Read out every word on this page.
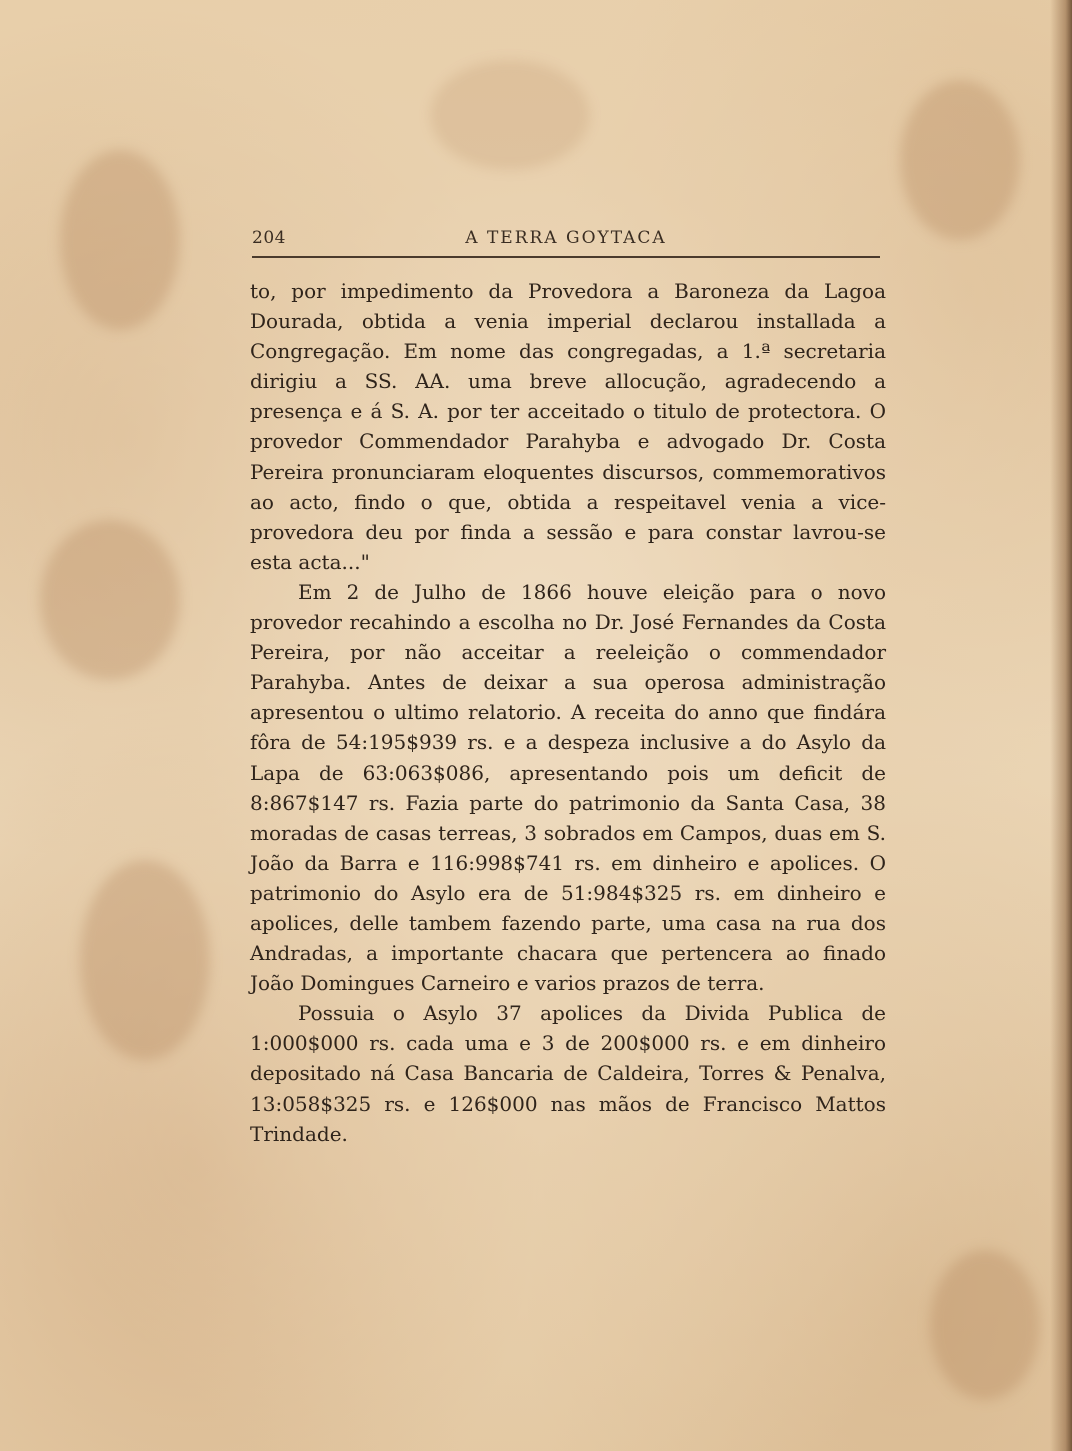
204	A TERRA GOYTACA

to, por impedimento da Provedora a Baroneza da Lagoa Dourada, obtida a venia imperial declarou installada a Congregação. Em nome das congregadas, a 1.ª secretaria dirigiu a SS. AA. uma breve allocução, agradecendo a presença e á S. A. por ter acceitado o titulo de protectora. O provedor Commendador Parahyba e advogado Dr. Costa Pereira pronunciaram eloquentes discursos, commemorativos ao acto, findo o que, obtida a respeitavel venia a vice-provedora deu por finda a sessão e para constar lavrou-se esta acta..."

Em 2 de Julho de 1866 houve eleição para o novo provedor recahindo a escolha no Dr. José Fernandes da Costa Pereira, por não acceitar a reeleição o commendador Parahyba. Antes de deixar a sua operosa administração apresentou o ultimo relatorio. A receita do anno que findára fôra de 54:195$939 rs. e a despeza inclusive a do Asylo da Lapa de 63:063$086, apresentando pois um deficit de 8:867$147 rs. Fazia parte do patrimonio da Santa Casa, 38 moradas de casas terreas, 3 sobrados em Campos, duas em S. João da Barra e 116:998$741 rs. em dinheiro e apolices. O patrimonio do Asylo era de 51:984$325 rs. em dinheiro e apolices, delle tambem fazendo parte, uma casa na rua dos Andradas, a importante chacara que pertencera ao finado João Domingues Carneiro e varios prazos de terra.

Possuia o Asylo 37 apolices da Divida Publica de 1:000$000 rs. cada uma e 3 de 200$000 rs. e em dinheiro depositado ná Casa Bancaria de Caldeira, Torres & Penalva, 13:058$325 rs. e 126$000 nas mãos de Francisco Mattos Trindade.
